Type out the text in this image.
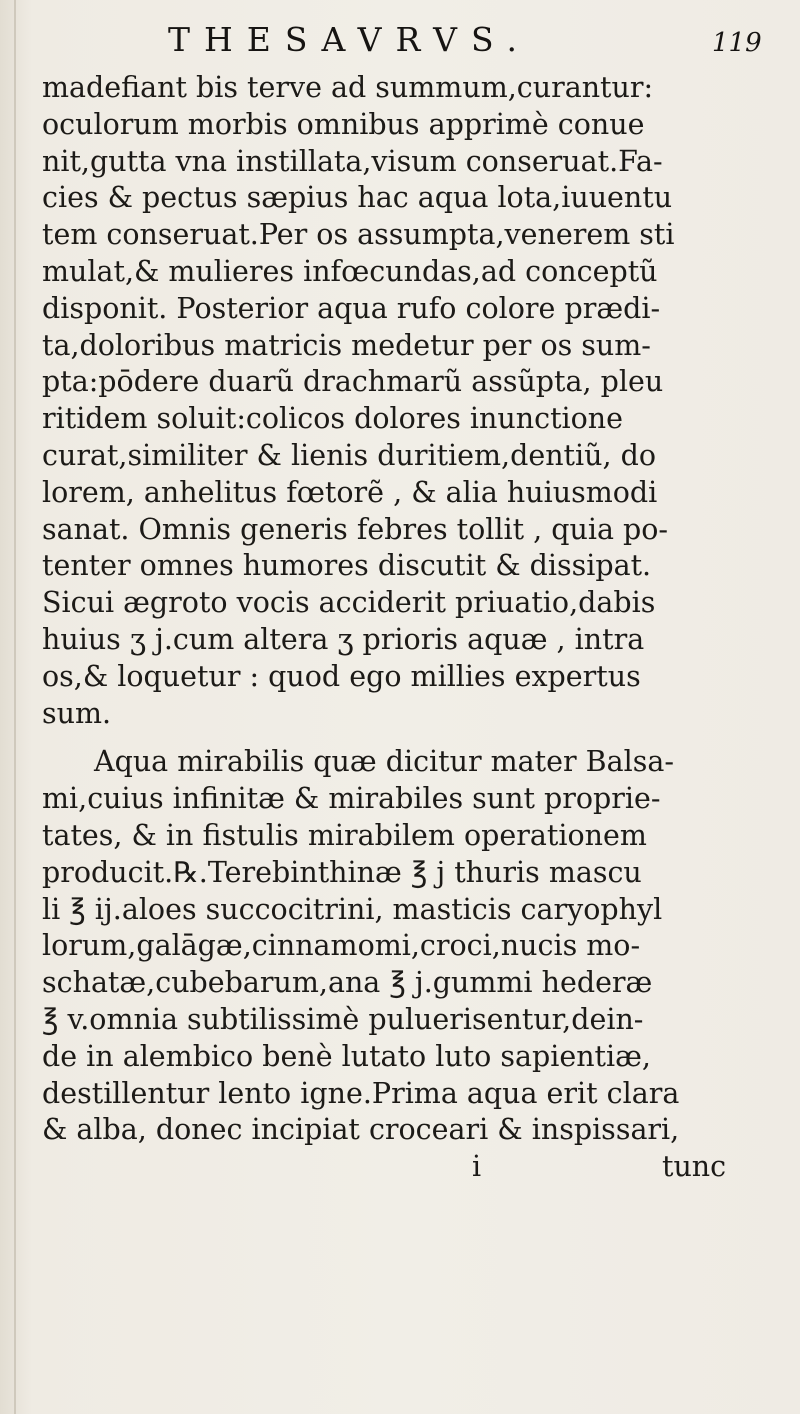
THESAVRVS.	119
madefiant bis terve ad summum,curantur:
oculorum morbis omnibus apprimè conue
nit,gutta vna instillata,visum conseruat.Fa-
cies & pectus sæpius hac aqua lota,iuuentu
tem conseruat.Per os assumpta,venerem sti
mulat,& mulieres infœcundas,ad conceptũ
disponit. Posterior aqua rufo colore prædi-
ta,doloribus matricis medetur per os sum-
pta:pōdere duarũ drachmarũ assũpta, pleu
ritidem soluit:colicos dolores inunctione
curat,similiter & lienis duritiem,dentiũ, do
lorem, anhelitus fœtorẽ , & alia huiusmodi
sanat. Omnis generis febres tollit , quia po-
tenter omnes humores discutit & dissipat.
Sicui ægroto vocis acciderit priuatio,dabis
huius ʒ j.cum altera ʒ prioris aquæ , intra
os,& loquetur : quod ego millies expertus
sum.
Aqua mirabilis quæ dicitur mater Balsa-
mi,cuius infinitæ & mirabiles sunt proprie-
tates, & in fistulis mirabilem operationem
producit.℞.Terebinthinæ ℥ j thuris mascu
li ℥ ij.aloes succocitrini, masticis caryophyl
lorum,galāgæ,cinnamomi,croci,nucis mo-
schatæ,cubebarum,ana ℥ j.gummi hederæ
℥ v.omnia subtilissimè puluerisentur,dein-
de in alembico benè lutato luto sapientiæ,
destillentur lento igne.Prima aqua erit clara
& alba, donec incipiat croceari & inspissari,
i	tunc
